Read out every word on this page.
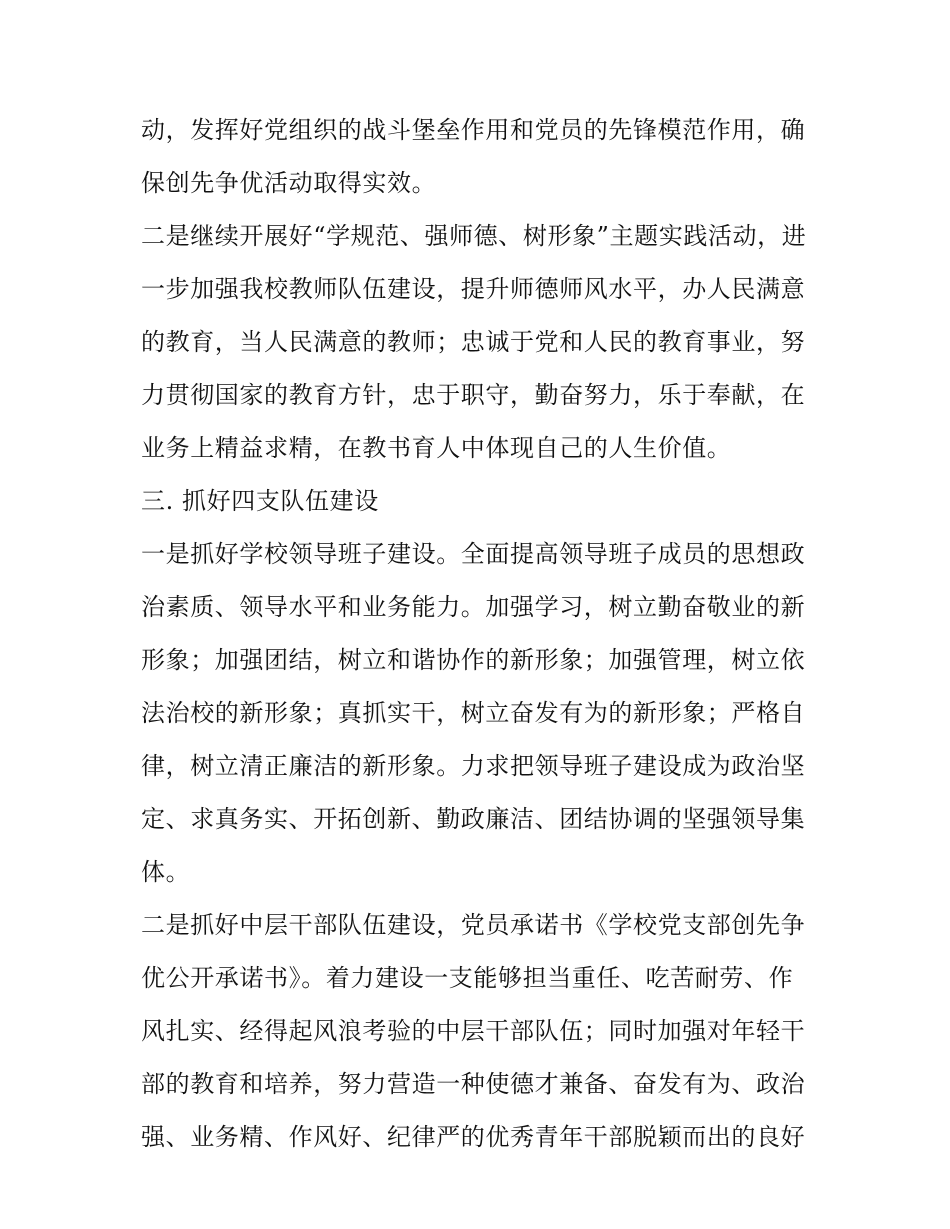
动，发挥好党组织的战斗堡垒作用和党员的先锋模范作用，确
保创先争优活动取得实效。
二是继续开展好“学规范、强师德、树形象”主题实践活动，进
一步加强我校教师队伍建设，提升师德师风水平，办人民满意
的教育，当人民满意的教师；忠诚于党和人民的教育事业，努
力贯彻国家的教育方针，忠于职守，勤奋努力，乐于奉献，在
业务上精益求精，在教书育人中体现自己的人生价值。
三. 抓好四支队伍建设
一是抓好学校领导班子建设。全面提高领导班子成员的思想政
治素质、领导水平和业务能力。加强学习，树立勤奋敬业的新
形象；加强团结，树立和谐协作的新形象；加强管理，树立依
法治校的新形象；真抓实干，树立奋发有为的新形象；严格自
律，树立清正廉洁的新形象。力求把领导班子建设成为政治坚
定、求真务实、开拓创新、勤政廉洁、团结协调的坚强领导集
体。
二是抓好中层干部队伍建设，党员承诺书《学校党支部创先争
优公开承诺书》。着力建设一支能够担当重任、吃苦耐劳、作
风扎实、经得起风浪考验的中层干部队伍；同时加强对年轻干
部的教育和培养，努力营造一种使德才兼备、奋发有为、政治
强、业务精、作风好、纪律严的优秀青年干部脱颖而出的良好
